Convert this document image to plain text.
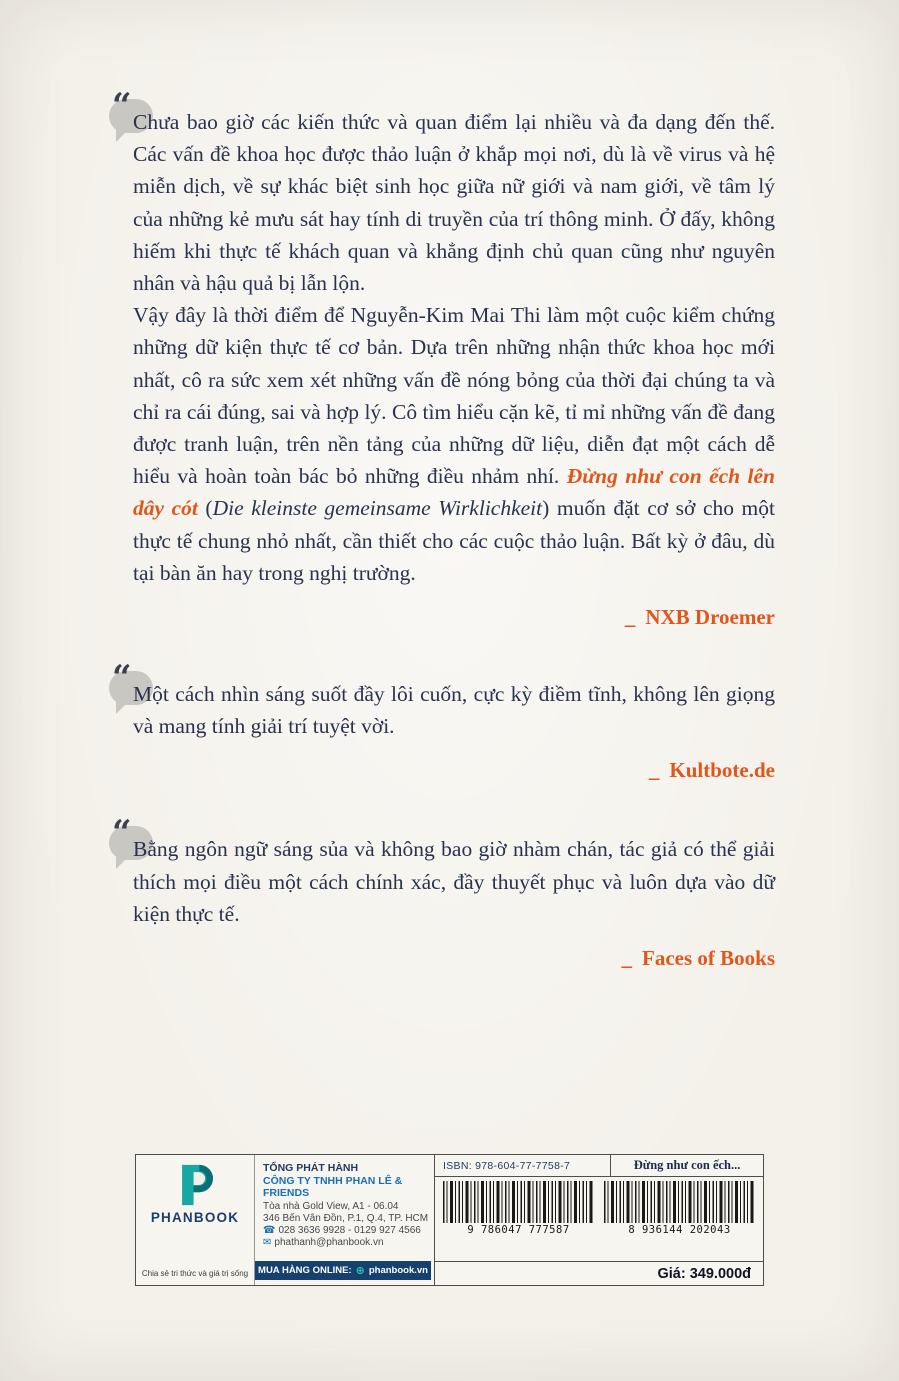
“ Chưa bao giờ các kiến thức và quan điểm lại nhiều và đa dạng đến thế. Các vấn đề khoa học được thảo luận ở khắp mọi nơi, dù là về virus và hệ miễn dịch, về sự khác biệt sinh học giữa nữ giới và nam giới, về tâm lý của những kẻ mưu sát hay tính di truyền của trí thông minh. Ở đấy, không hiếm khi thực tế khách quan và khẳng định chủ quan cũng như nguyên nhân và hậu quả bị lẫn lộn.

Vậy đây là thời điểm để Nguyễn-Kim Mai Thi làm một cuộc kiểm chứng những dữ kiện thực tế cơ bản. Dựa trên những nhận thức khoa học mới nhất, cô ra sức xem xét những vấn đề nóng bỏng của thời đại chúng ta và chỉ ra cái đúng, sai và hợp lý. Cô tìm hiểu cặn kẽ, tỉ mỉ những vấn đề đang được tranh luận, trên nền tảng của những dữ liệu, diễn đạt một cách dễ hiểu và hoàn toàn bác bỏ những điều nhảm nhí. Đừng như con ếch lên dây cót (Die kleinste gemeinsame Wirklichkeit) muốn đặt cơ sở cho một thực tế chung nhỏ nhất, cần thiết cho các cuộc thảo luận. Bất kỳ ở đâu, dù tại bàn ăn hay trong nghị trường.

_ NXB Droemer
“ Một cách nhìn sáng suốt đầy lôi cuốn, cực kỳ điềm tĩnh, không lên giọng và mang tính giải trí tuyệt vời.

_ Kultbote.de
“ Bằng ngôn ngữ sáng sủa và không bao giờ nhàm chán, tác giả có thể giải thích mọi điều một cách chính xác, đầy thuyết phục và luôn dựa vào dữ kiện thực tế.

_ Faces of Books
PHANBOOK
TỔNG PHÁT HÀNH
CÔNG TY TNHH PHAN LÊ & FRIENDS
Tòa nhà Gold View, A1 - 06.04
346 Bến Vân Đồn, P.1, Q.4, TP. HCM
☎ 028 3636 9928 - 0129 927 4566
✉ phathanh@phanbook.vn
Chia sẻ tri thức và giá trị sống	MUA HÀNG ONLINE: ⊕ phanbook.vn
ISBN: 978-604-77-7758-7	Đừng như con ếch...
9 786047 777587	8 936144 202043
Giá: 349.000đ
